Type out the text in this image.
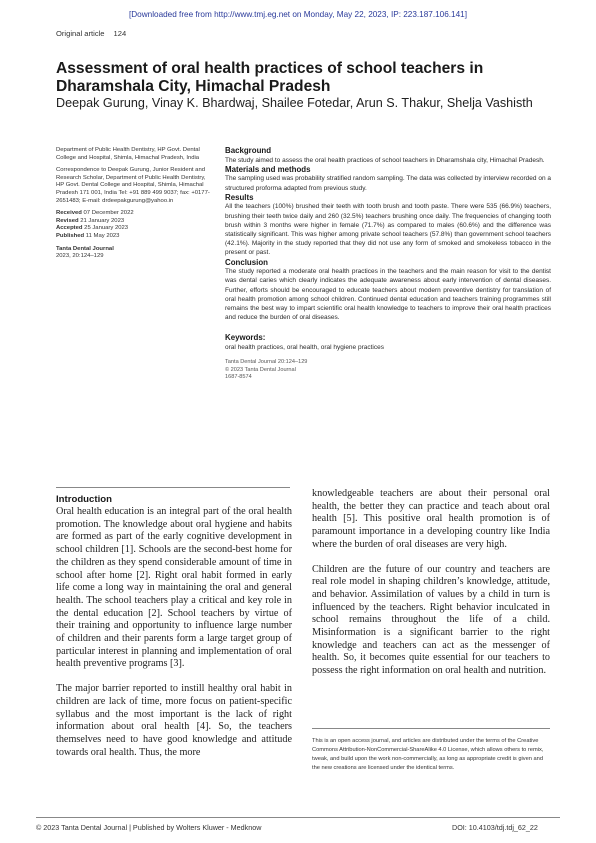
[Downloaded free from http://www.tmj.eg.net on Monday, May 22, 2023, IP: 223.187.106.141]
Original article 124
Assessment of oral health practices of school teachers in Dharamshala City, Himachal Pradesh
Deepak Gurung, Vinay K. Bhardwaj, Shailee Fotedar, Arun S. Thakur, Shelja Vashisth

Department of Public Health Dentistry, HP Govt. Dental College and Hospital, Shimla, Himachal Pradesh, India

Correspondence to Deepak Gurung, Junior Resident and Research Scholar, Department of Public Health Dentistry, HP Govt. Dental College and Hospital, Shimla, Himachal Pradesh 171 001, India Tel: +91 889 499 9037; fax: +0177-2651483; E-mail: drdeepakgurung@yahoo.in

Received 07 December 2022
Revised 21 January 2023
Accepted 25 January 2023
Published 11 May 2023

Tanta Dental Journal
2023, 20:124–129

Background

The study aimed to assess the oral health practices of school teachers in Dharamshala city, Himachal Pradesh.

Materials and methods

The sampling used was probability stratified random sampling. The data was collected by interview recorded on a structured proforma adapted from previous study.

Results

All the teachers (100%) brushed their teeth with tooth brush and tooth paste. There were 535 (66.9%) teachers, brushing their teeth twice daily and 260 (32.5%) teachers brushing once daily. The frequencies of changing tooth brush within 3 months were higher in female (71.7%) as compared to males (60.6%) and the difference was statistically significant. This was higher among private school teachers (57.8%) than government school teachers (42.1%). Majority in the study reported that they did not use any form of smoked and smokeless tobacco in the present or past.

Conclusion

The study reported a moderate oral health practices in the teachers and the main reason for visit to the dentist was dental caries which clearly indicates the adequate awareness about early intervention of dental diseases. Further, efforts should be encouraged to educate teachers about modern preventive dentistry for translation of oral health promotion among school children. Continued dental education and teachers training programmes still remains the best way to impart scientific oral health knowledge to teachers to improve their oral health practices and reduce the burden of oral diseases.

Keywords:

oral health practices, oral health, oral hygiene practices

Tanta Dental Journal 20:124–129
© 2023 Tanta Dental Journal
1687-8574
Introduction

Oral health education is an integral part of the oral health promotion. The knowledge about oral hygiene and habits are formed as part of the early cognitive development in school children [1]. Schools are the second-best home for the children as they spend considerable amount of time in school after home [2]. Right oral habit formed in early life come a long way in maintaining the oral and general health. The school teachers play a critical and key role in the dental education [2]. School teachers by virtue of their training and opportunity to influence large number of children and their parents form a large target group of particular interest in planning and implementation of oral health preventive programs [3].

The major barrier reported to instill healthy oral habit in children are lack of time, more focus on patient-specific syllabus and the most important is the lack of right information about oral health [4]. So, the teachers themselves need to have good knowledge and attitude towards oral health. Thus, the more

knowledgeable teachers are about their personal oral health, the better they can practice and teach about oral health [5]. This positive oral health promotion is of paramount importance in a developing country like India where the burden of oral diseases are very high.

Children are the future of our country and teachers are real role model in shaping children’s knowledge, attitude, and behavior. Assimilation of values by a child in turn is influenced by the teachers. Right behavior inculcated in school remains throughout the life of a child. Misinformation is a significant barrier to the right knowledge and teachers can act as the messenger of health. So, it becomes quite essential for our teachers to possess the right information on oral health and nutrition.

This is an open access journal, and articles are distributed under the terms of the Creative Commons Attribution-NonCommercial-ShareAlike 4.0 License, which allows others to remix, tweak, and build upon the work non-commercially, as long as appropriate credit is given and the new creations are licensed under the identical terms.
© 2023 Tanta Dental Journal | Published by Wolters Kluwer - Medknow	DOI: 10.4103/tdj.tdj_62_22
